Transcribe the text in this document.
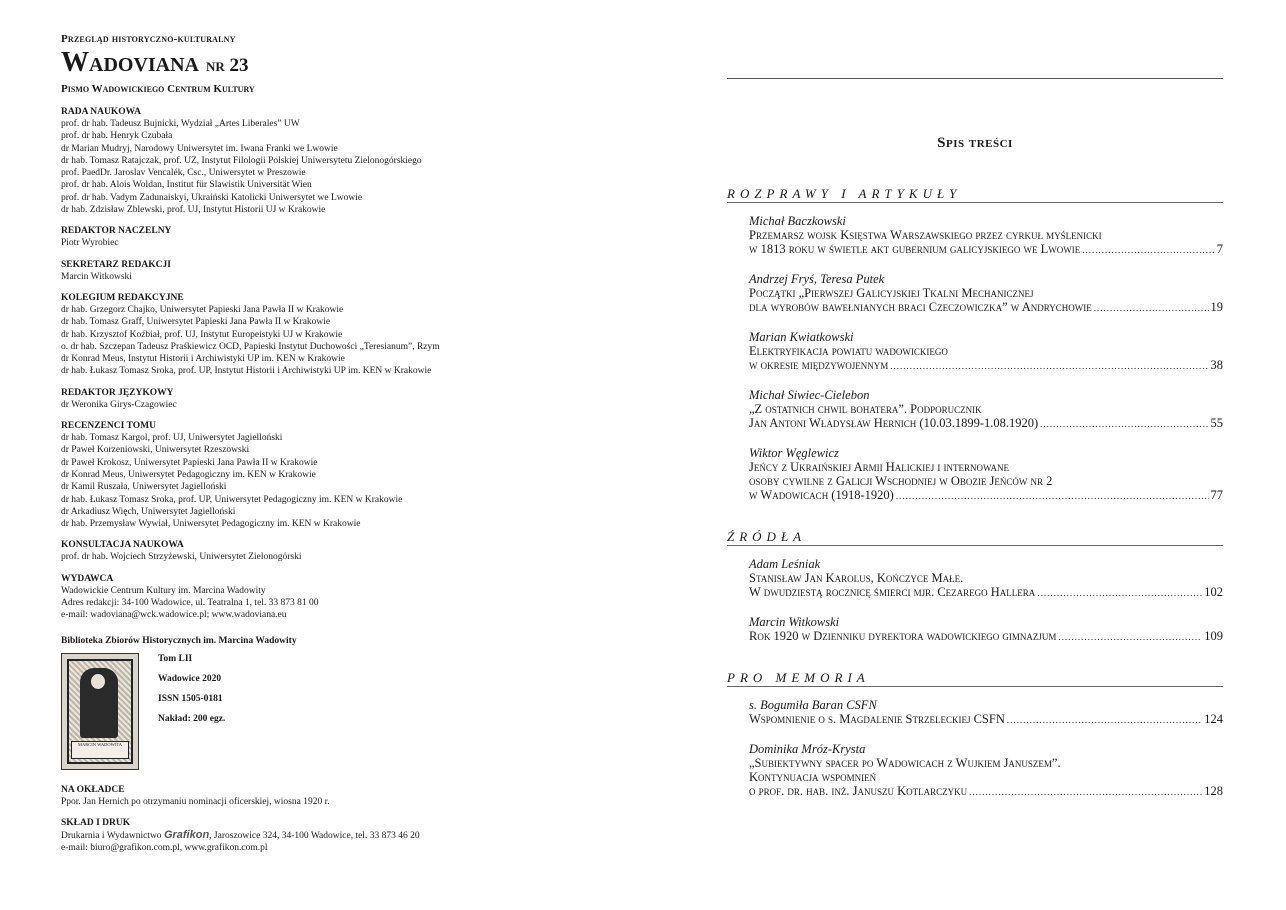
Przegląd historyczno-kulturalny
Wadoviana nr 23
Pismo Wadowickiego Centrum Kultury
RADA NAUKOWA
prof. dr hab. Tadeusz Bujnicki, Wydział „Artes Liberales” UW
prof. dr hab. Henryk Czubała
dr Marian Mudryj, Narodowy Uniwersytet im. Iwana Franki we Lwowie
dr hab. Tomasz Ratajczak, prof. UZ, Instytut Filologii Polskiej Uniwersytetu Zielonogórskiego
prof. PaedDr. Jaroslav Vencalék, Csc., Uniwersytet w Preszowie
prof. dr hab. Alois Woldan, Institut für Slawistik Universität Wien
prof. dr hab. Vadym Zadunaiskyi, Ukraiński Katolicki Uniwersytet we Lwowie
dr hab. Zdzisław Zblewski, prof. UJ, Instytut Historii UJ w Krakowie
REDAKTOR NACZELNY
Piotr Wyrobiec
SEKRETARZ REDAKCJI
Marcin Witkowski
KOLEGIUM REDAKCYJNE
dr hab. Grzegorz Chajko, Uniwersytet Papieski Jana Pawła II w Krakowie
dr hab. Tomasz Graff, Uniwersytet Papieski Jana Pawła II w Krakowie
dr hab. Krzysztof Koźbiał, prof. UJ, Instytut Europeistyki UJ w Krakowie
o. dr hab. Szczepan Tadeusz Praśkiewicz OCD, Papieski Instytut Duchowości „Teresianum”, Rzym
dr Konrad Meus, Instytut Historii i Archiwistyki UP im. KEN w Krakowie
dr hab. Łukasz Tomasz Sroka, prof. UP, Instytut Historii i Archiwistyki UP im. KEN w Krakowie
REDAKTOR JĘZYKOWY
dr Weronika Girys-Czagowiec
RECENZENCI TOMU
dr hab. Tomasz Kargol, prof. UJ, Uniwersytet Jagielloński
dr Paweł Korzeniowski, Uniwersytet Rzeszowski
dr Paweł Krokosz, Uniwersytet Papieski Jana Pawła II w Krakowie
dr Konrad Meus, Uniwersytet Pedagogiczny im. KEN w Krakowie
dr Kamil Ruszała, Uniwersytet Jagielloński
dr hab. Łukasz Tomasz Sroka, prof. UP, Uniwersytet Pedagogiczny im. KEN w Krakowie
dr Arkadiusz Więch, Uniwersytet Jagielloński
dr hab. Przemysław Wywiał, Uniwersytet Pedagogiczny im. KEN w Krakowie
KONSULTACJA NAUKOWA
prof. dr hab. Wojciech Strzyżewski, Uniwersytet Zielonogórski
WYDAWCA
Wadowickie Centrum Kultury im. Marcina Wadowity
Adres redakcji: 34-100 Wadowice, ul. Teatralna 1, tel. 33 873 81 00
e-mail: wadoviana@wck.wadowice.pl; www.wadoviana.eu
Biblioteka Zbiorów Historycznych im. Marcina Wadowity
MARCIN WADOWITA
Tom LII
Wadowice 2020
ISSN 1505-0181
Nakład: 200 egz.
NA OKŁADCE
Ppor. Jan Hernich po otrzymaniu nominacji oficerskiej, wiosna 1920 r.
SKŁAD I DRUK
Drukarnia i Wydawnictwo Grafikon, Jaroszowice 324, 34-100 Wadowice, tel. 33 873 46 20
e-mail: biuro@grafikon.com.pl, www.grafikon.com.pl
Spis treści
ROZPRAWY I ARTYKUŁY
Michał Baczkowski
Przemarsz wojsk Księstwa Warszawskiego przez cyrkuł myślenicki
w 1813 roku w świetle akt gubernium galicyjskiego we Lwowie .....	7
Andrzej Fryś, Teresa Putek
Początki „Pierwszej Galicyjskiej Tkalni Mechanicznej
dla wyrobów bawełnianych braci Czeczowiczka” w Andrychowie .....	19
Marian Kwiatkowski
Elektryfikacja powiatu wadowickiego
w okresie międzywojennym .....	38
Michał Siwiec-Cielebon
„Z ostatnich chwil bohatera”. Podporucznik
Jan Antoni Władysław Hernich (10.03.1899-1.08.1920) .....	55
Wiktor Węglewicz
Jeńcy z Ukraińskiej Armii Halickiej i internowane
osoby cywilne z Galicji Wschodniej w Obozie Jeńców nr 2
w Wadowicach (1918-1920) .....	77
ŹRÓDŁA
Adam Leśniak
Stanisław Jan Karolus, Kończyce Małe.
W dwudziestą rocznicę śmierci mjr. Cezarego Hallera .....	102
Marcin Witkowski
Rok 1920 w Dzienniku dyrektora wadowickiego gimnazjum .....	109
PRO MEMORIA
s. Bogumiła Baran CSFN
Wspomnienie o s. Magdalenie Strzeleckiej CSFN .....	124
Dominika Mróz-Krysta
„Subiektywny spacer po Wadowicach z Wujkiem Januszem”.
Kontynuacja wspomnień
o prof. dr. hab. inż. Januszu Kotlarczyku .....	128
